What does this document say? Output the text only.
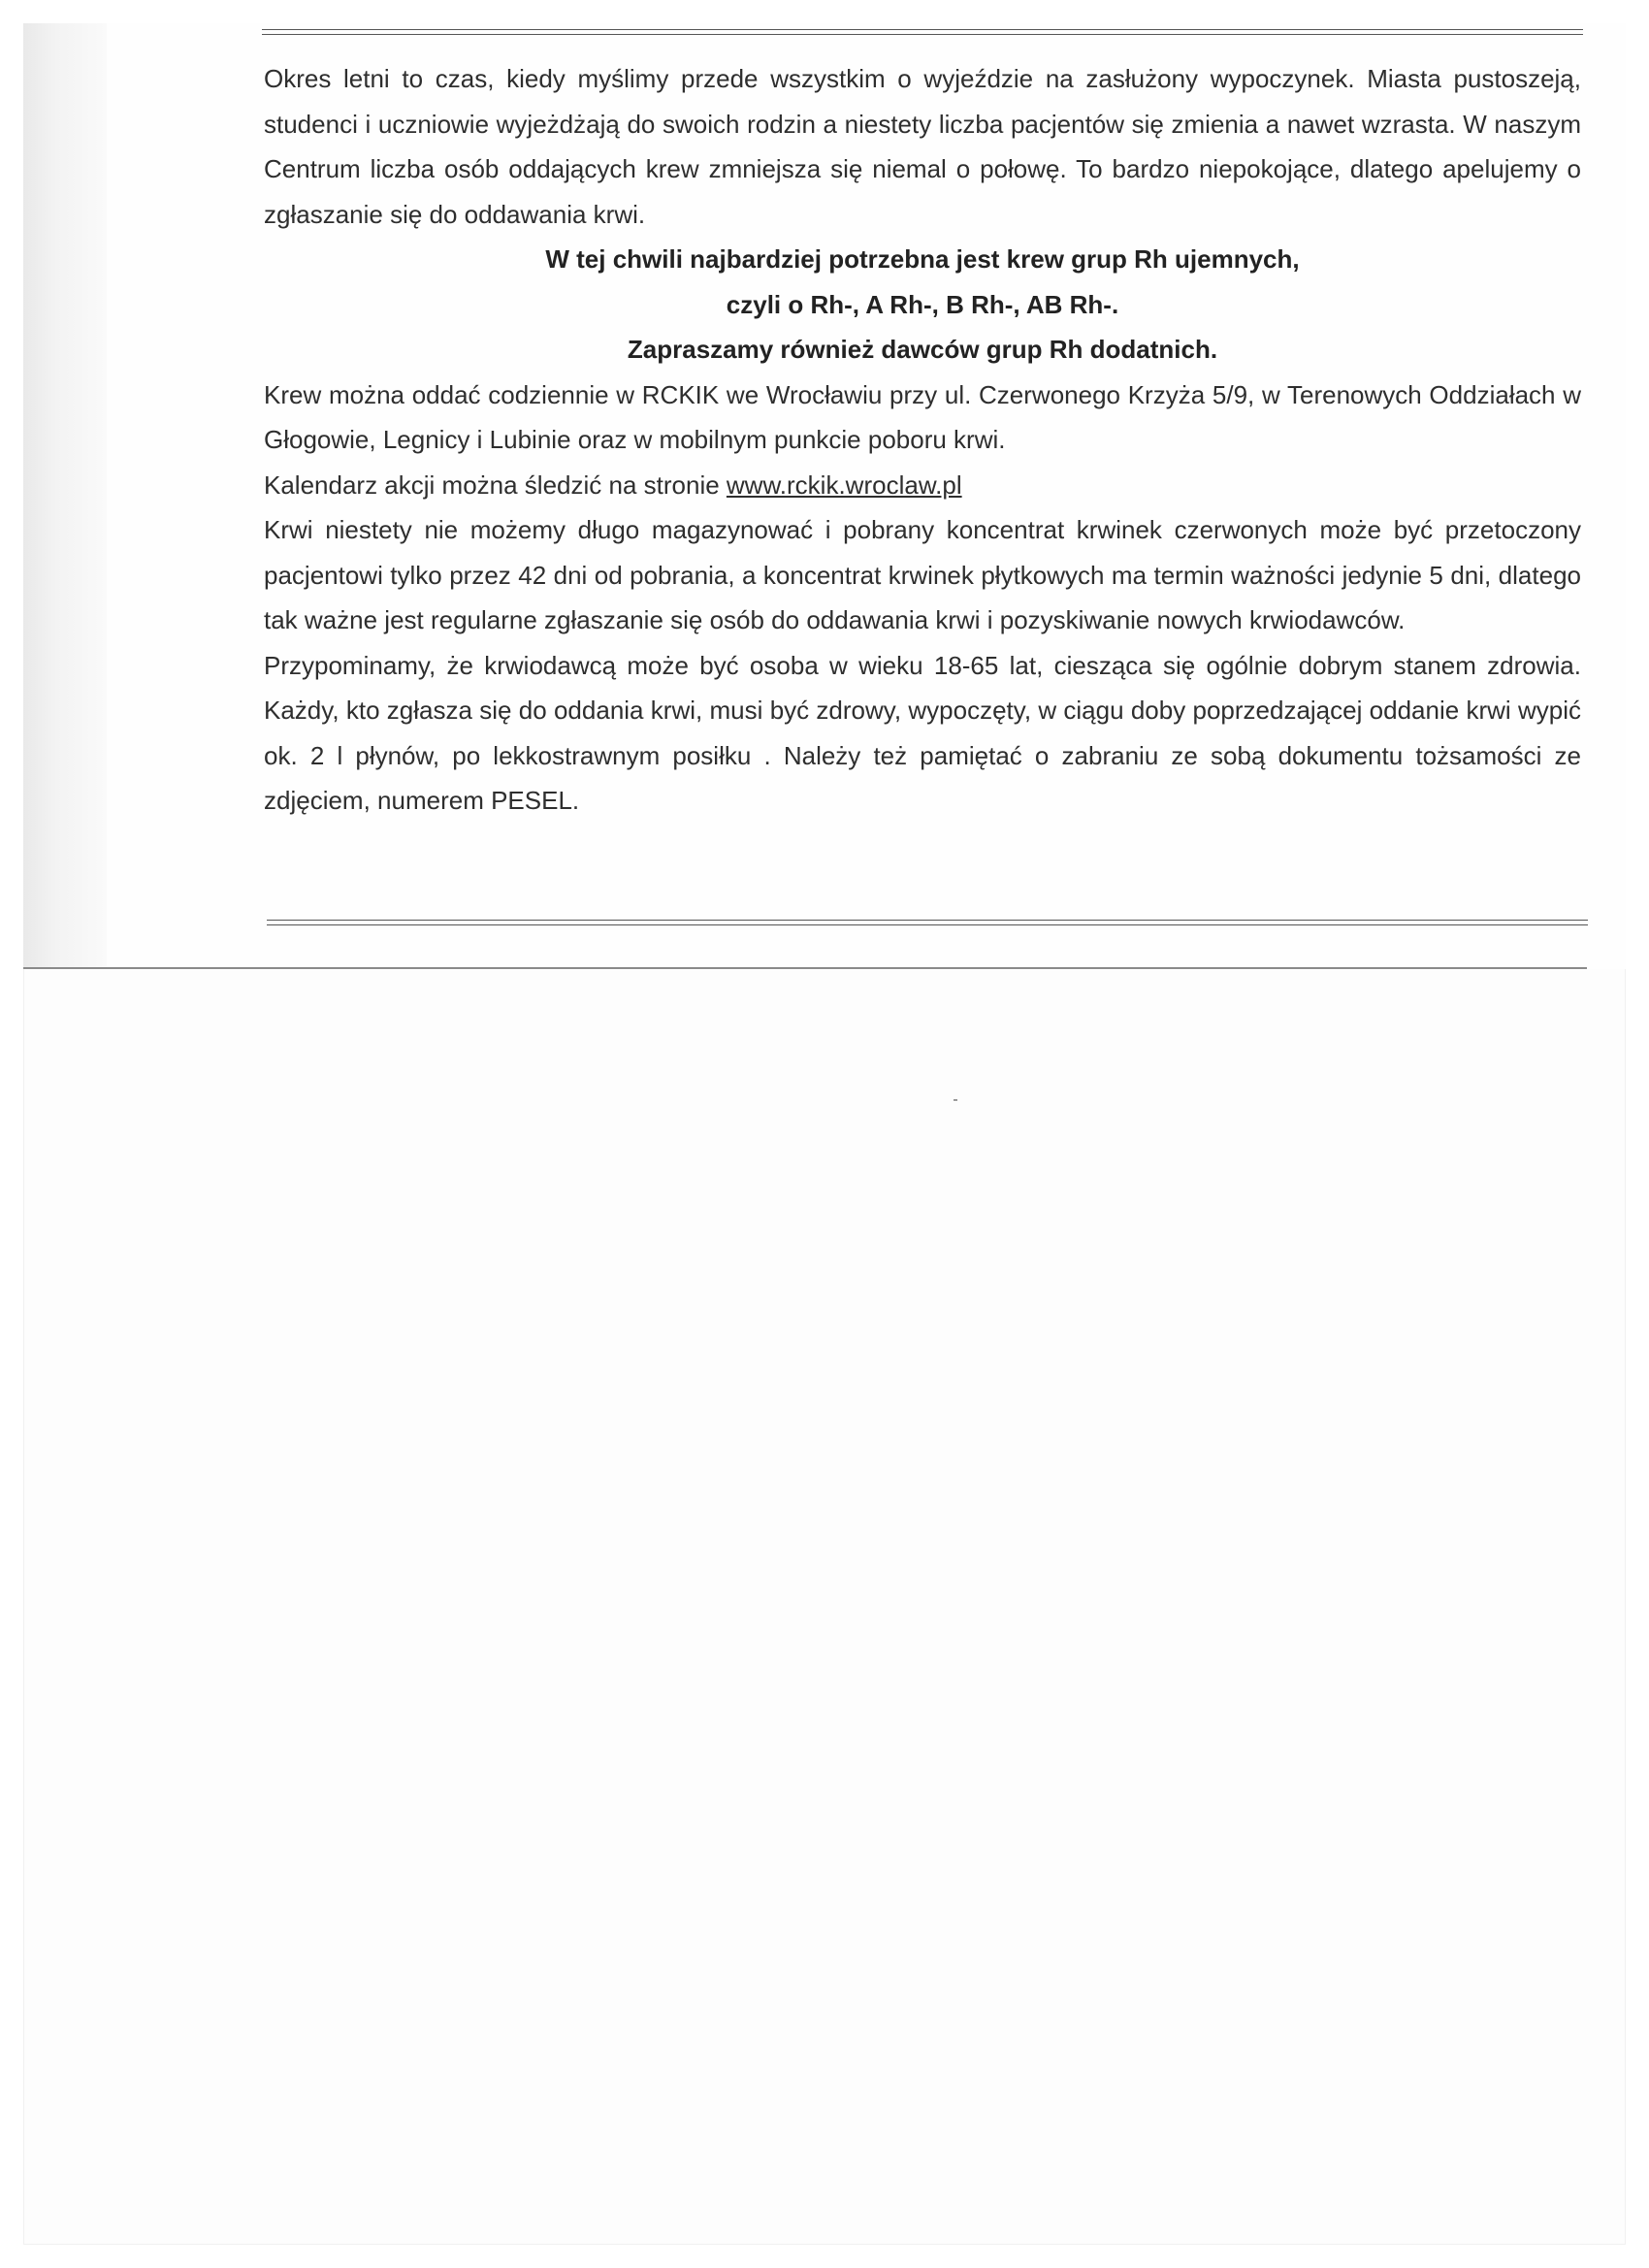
Okres letni to czas, kiedy myślimy przede wszystkim o wyjeździe na zasłużony wypoczynek. Miasta pustoszeją, studenci i uczniowie wyjeżdżają do swoich rodzin a niestety liczba pacjentów się zmienia a nawet wzrasta. W naszym Centrum liczba osób oddających krew zmniejsza się niemal o połowę. To bardzo niepokojące, dlatego apelujemy o zgłaszanie się do oddawania krwi.

W tej chwili najbardziej potrzebna jest krew grup Rh ujemnych,

czyli o Rh-, A Rh-, B Rh-, AB Rh-.

Zapraszamy również dawców grup Rh dodatnich.

Krew można oddać codziennie w RCKIK we Wrocławiu przy ul. Czerwonego Krzyża 5/9, w Terenowych Oddziałach w Głogowie, Legnicy i Lubinie oraz w mobilnym punkcie poboru krwi.

Kalendarz akcji można śledzić na stronie www.rckik.wroclaw.pl

Krwi niestety nie możemy długo magazynować i pobrany koncentrat krwinek czerwonych może być przetoczony pacjentowi tylko przez 42 dni od pobrania, a koncentrat krwinek płytkowych ma termin ważności jedynie 5 dni, dlatego tak ważne jest regularne zgłaszanie się osób do oddawania krwi i pozyskiwanie nowych krwiodawców.

Przypominamy, że krwiodawcą może być osoba w wieku 18-65 lat, ciesząca się ogólnie dobrym stanem zdrowia. Każdy, kto zgłasza się do oddania krwi, musi być zdrowy, wypoczęty, w ciągu doby poprzedzającej oddanie krwi wypić ok. 2 l płynów, po lekkostrawnym posiłku . Należy też pamiętać o zabraniu ze sobą dokumentu tożsamości ze zdjęciem, numerem PESEL.
